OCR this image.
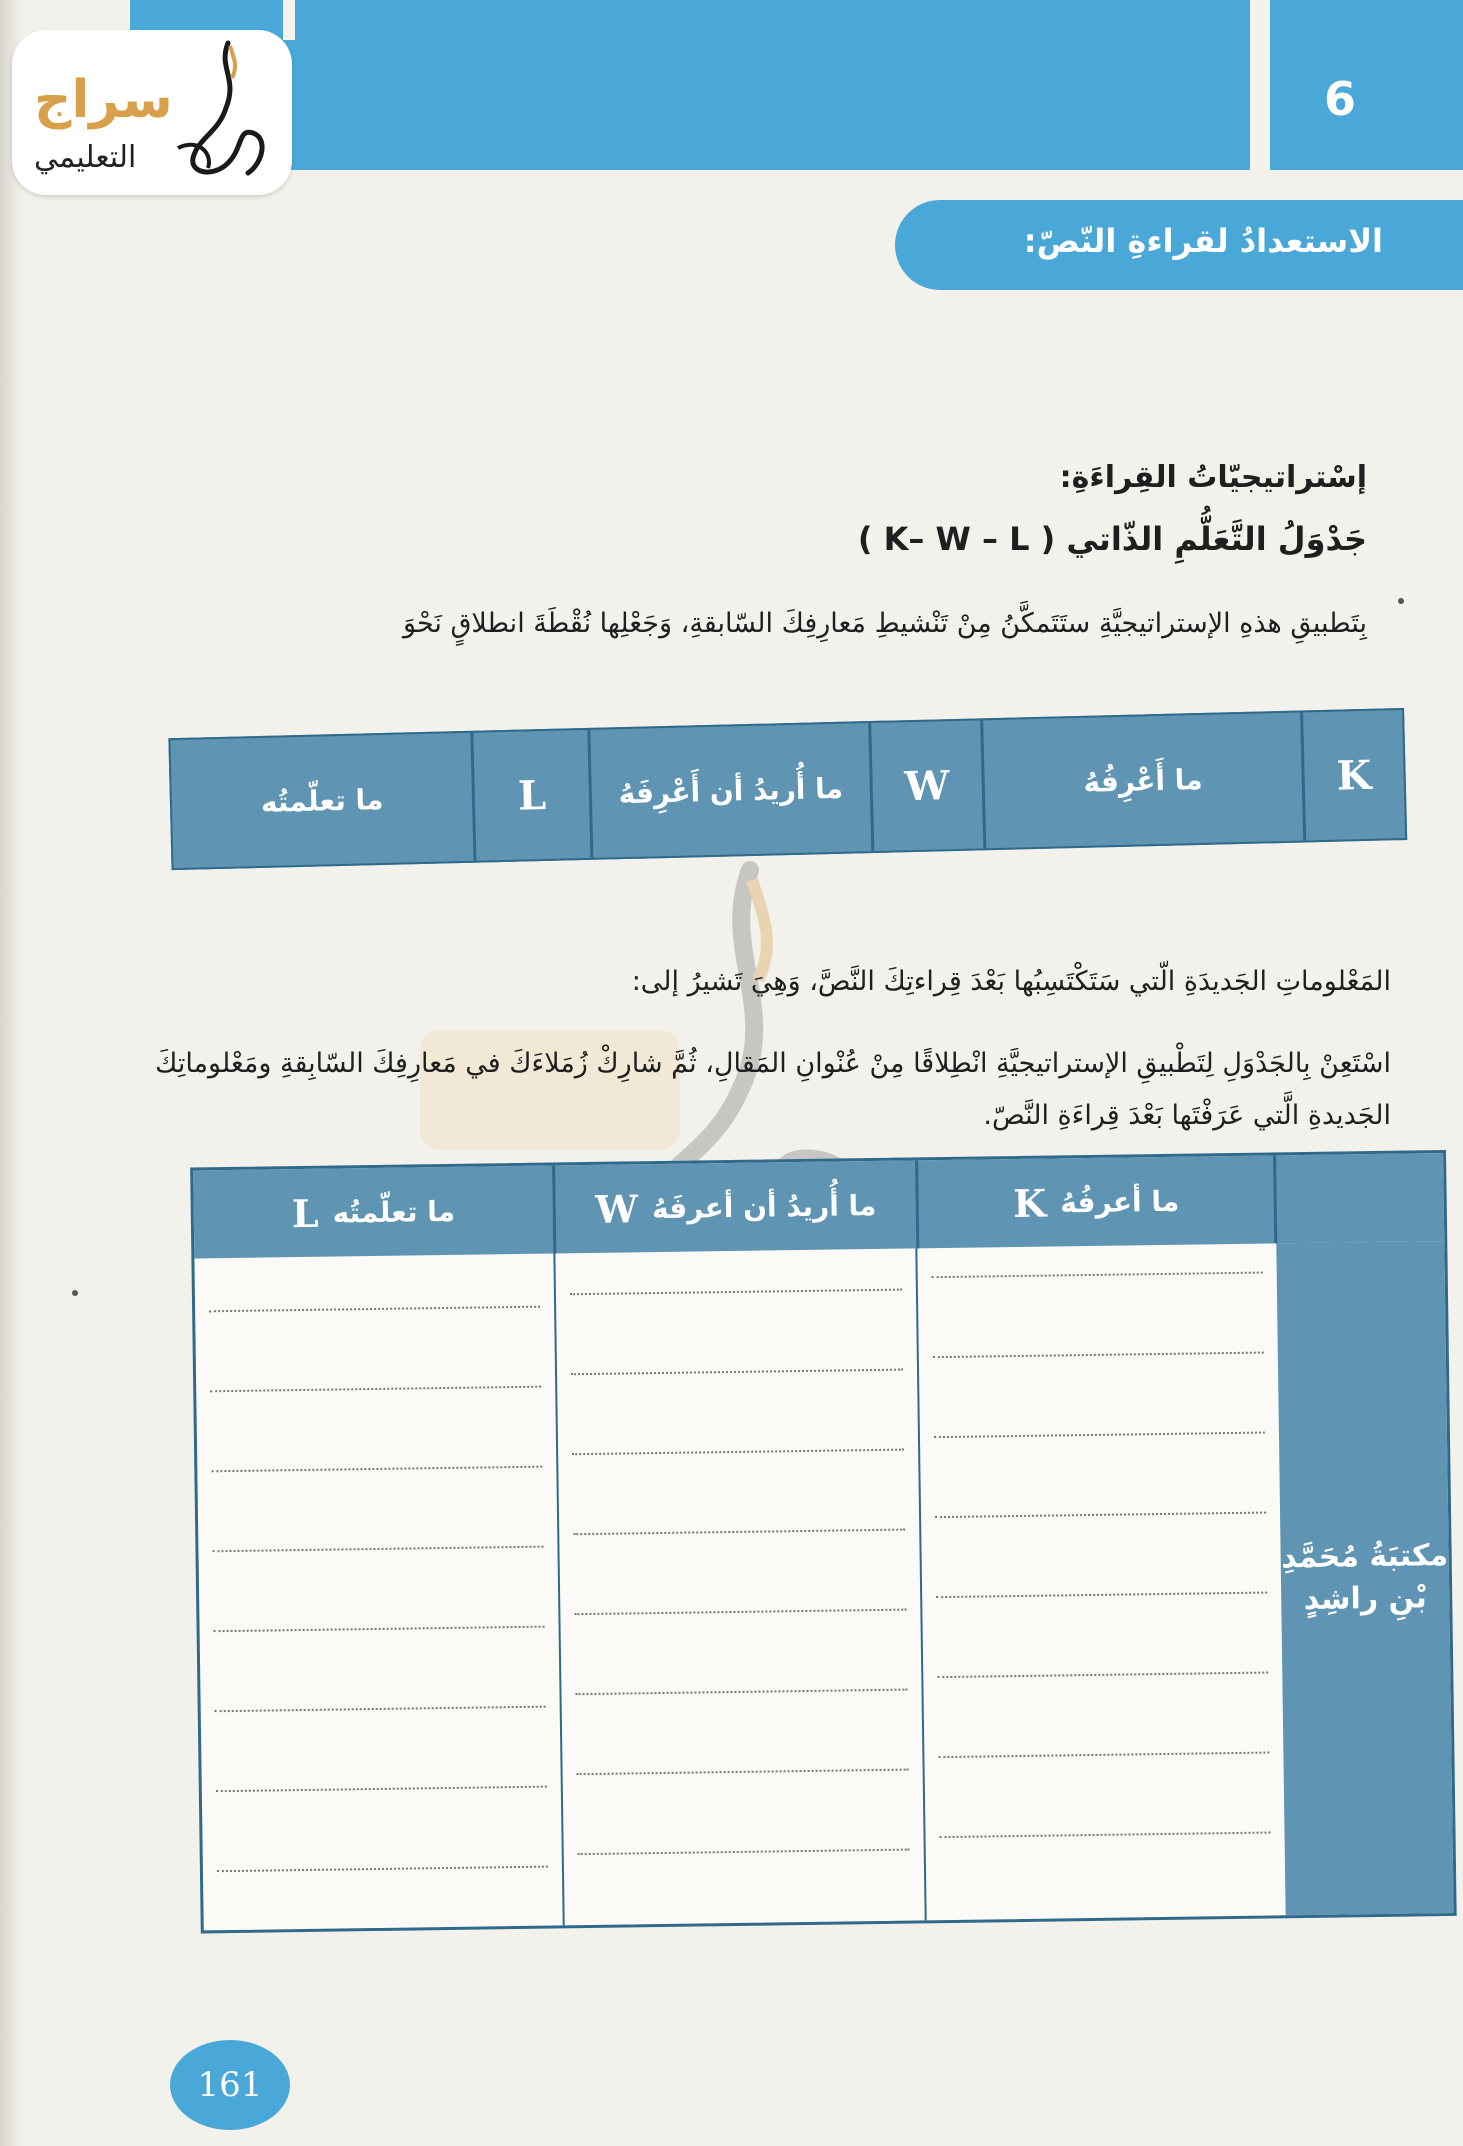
6
سراج
التعليمي
الاستعدادُ لقراءةِ النّصّ:
إسْتراتيجيّاتُ القِراءَةِ:
جَدْوَلُ التَّعَلُّمِ الذّاتي ( K– W – L )
بِتَطبيقِ هذهِ الإستراتيجيَّةِ ستَتَمكَّنُ مِنْ تَنْشيطِ مَعارِفِكَ السّابقةِ، وَجَعْلِها نُقْطَةَ انطلاقٍ نَحْوَ
K
ما أَعْرِفُهُ
W
ما أُريدُ أن أَعْرِفَهُ
L
ما تعلّمتُه
المَعْلوماتِ الجَديدَةِ الّتي سَتَكْتَسِبُها بَعْدَ قِراءتِكَ النَّصَّ، وَهِيَ تَشيرُ إلى:
اسْتَعِنْ بِالجَدْوَلِ لِتَطْبيقِ الإستراتيجيَّةِ انْطِلاقًا مِنْ عُنْوانِ المَقالِ، ثُمَّ شارِكْ زُمَلاءَكَ في مَعارِفِكَ السّابِقةِ ومَعْلوماتِكَ الجَديدةِ الَّتي عَرَفْتَها بَعْدَ قِراءَةِ النَّصّ.
ما أعرفُهُ
K
ما أُريدُ أن أعرفَهُ
W
ما تعلّمتُه
L
مكتبَةُ مُحَمَّدِ بْنِ راشِدٍ
161
